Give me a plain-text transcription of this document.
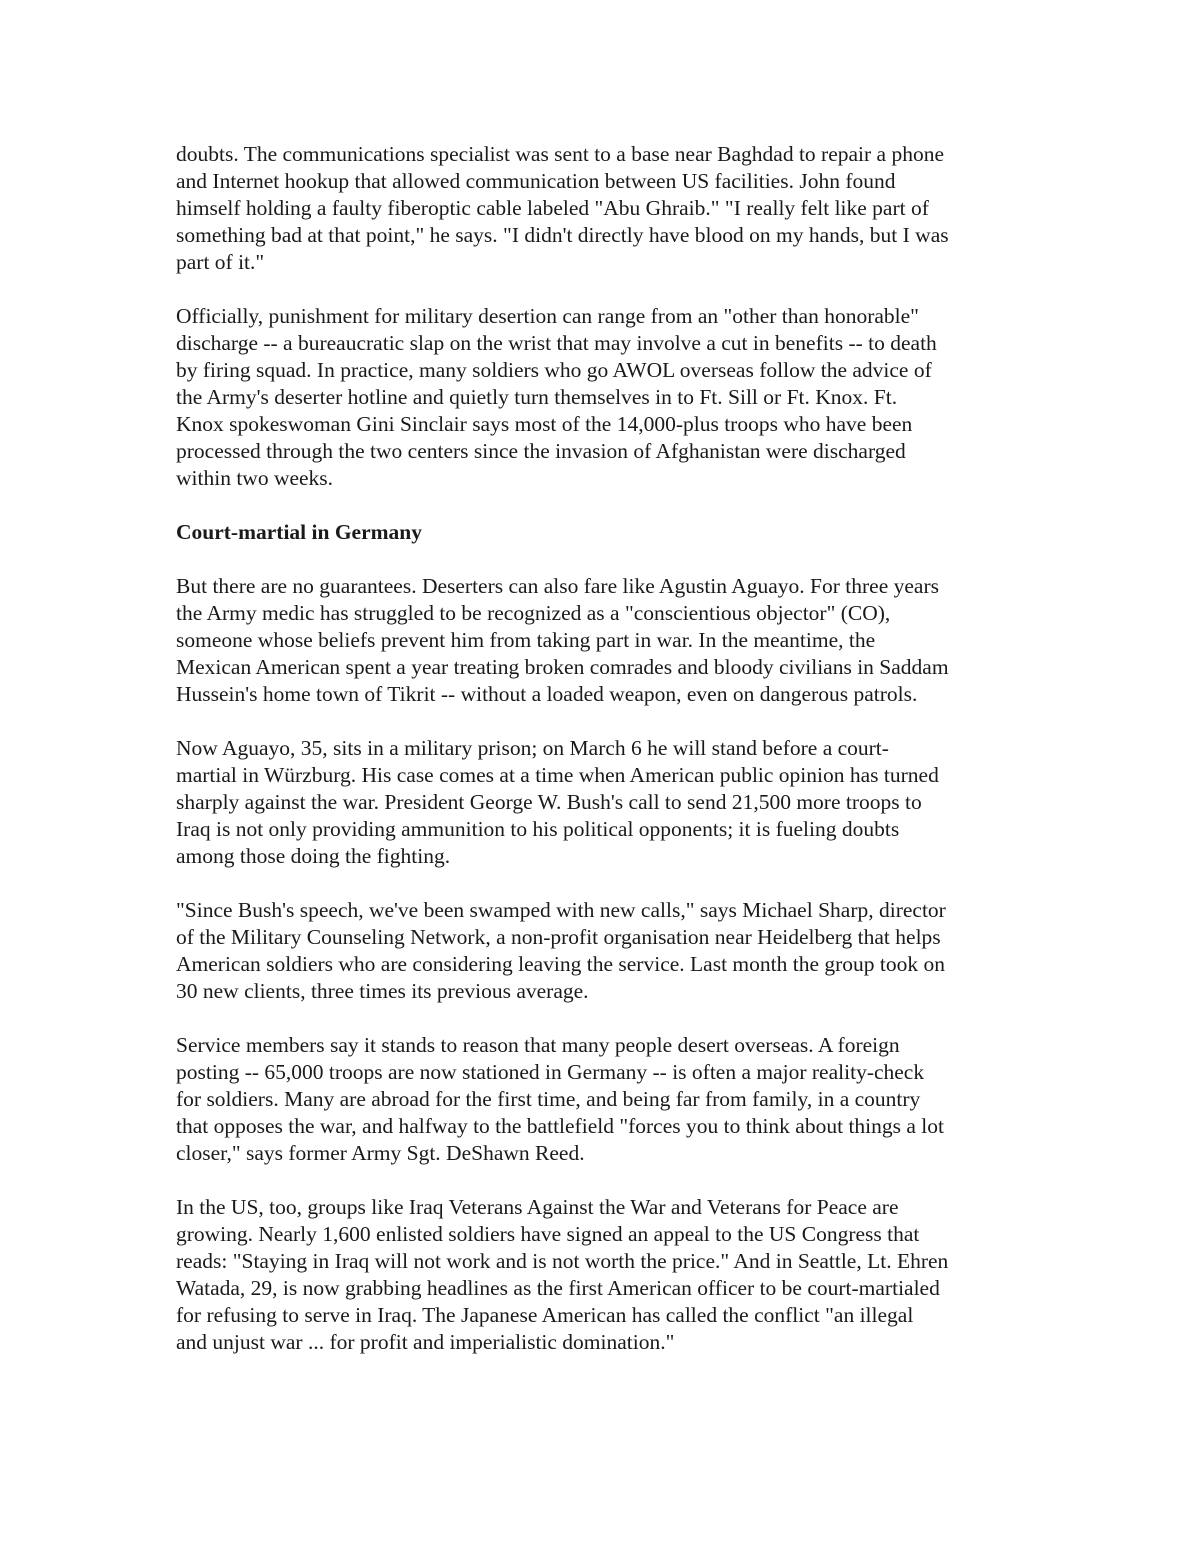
doubts. The communications specialist was sent to a base near Baghdad to repair a phone
and Internet hookup that allowed communication between US facilities. John found
himself holding a faulty fiberoptic cable labeled "Abu Ghraib." "I really felt like part of
something bad at that point," he says. "I didn't directly have blood on my hands, but I was
part of it."

Officially, punishment for military desertion can range from an "other than honorable"
discharge -- a bureaucratic slap on the wrist that may involve a cut in benefits -- to death
by firing squad. In practice, many soldiers who go AWOL overseas follow the advice of
the Army's deserter hotline and quietly turn themselves in to Ft. Sill or Ft. Knox. Ft.
Knox spokeswoman Gini Sinclair says most of the 14,000-plus troops who have been
processed through the two centers since the invasion of Afghanistan were discharged
within two weeks.

Court-martial in Germany

But there are no guarantees. Deserters can also fare like Agustin Aguayo. For three years
the Army medic has struggled to be recognized as a "conscientious objector" (CO),
someone whose beliefs prevent him from taking part in war. In the meantime, the
Mexican American spent a year treating broken comrades and bloody civilians in Saddam
Hussein's home town of Tikrit -- without a loaded weapon, even on dangerous patrols.

Now Aguayo, 35, sits in a military prison; on March 6 he will stand before a court-
martial in Würzburg. His case comes at a time when American public opinion has turned
sharply against the war. President George W. Bush's call to send 21,500 more troops to
Iraq is not only providing ammunition to his political opponents; it is fueling doubts
among those doing the fighting.

"Since Bush's speech, we've been swamped with new calls," says Michael Sharp, director
of the Military Counseling Network, a non-profit organisation near Heidelberg that helps
American soldiers who are considering leaving the service. Last month the group took on
30 new clients, three times its previous average.

Service members say it stands to reason that many people desert overseas. A foreign
posting -- 65,000 troops are now stationed in Germany -- is often a major reality-check
for soldiers. Many are abroad for the first time, and being far from family, in a country
that opposes the war, and halfway to the battlefield "forces you to think about things a lot
closer," says former Army Sgt. DeShawn Reed.

In the US, too, groups like Iraq Veterans Against the War and Veterans for Peace are
growing. Nearly 1,600 enlisted soldiers have signed an appeal to the US Congress that
reads: "Staying in Iraq will not work and is not worth the price." And in Seattle, Lt. Ehren
Watada, 29, is now grabbing headlines as the first American officer to be court-martialed
for refusing to serve in Iraq. The Japanese American has called the conflict "an illegal
and unjust war ... for profit and imperialistic domination."
